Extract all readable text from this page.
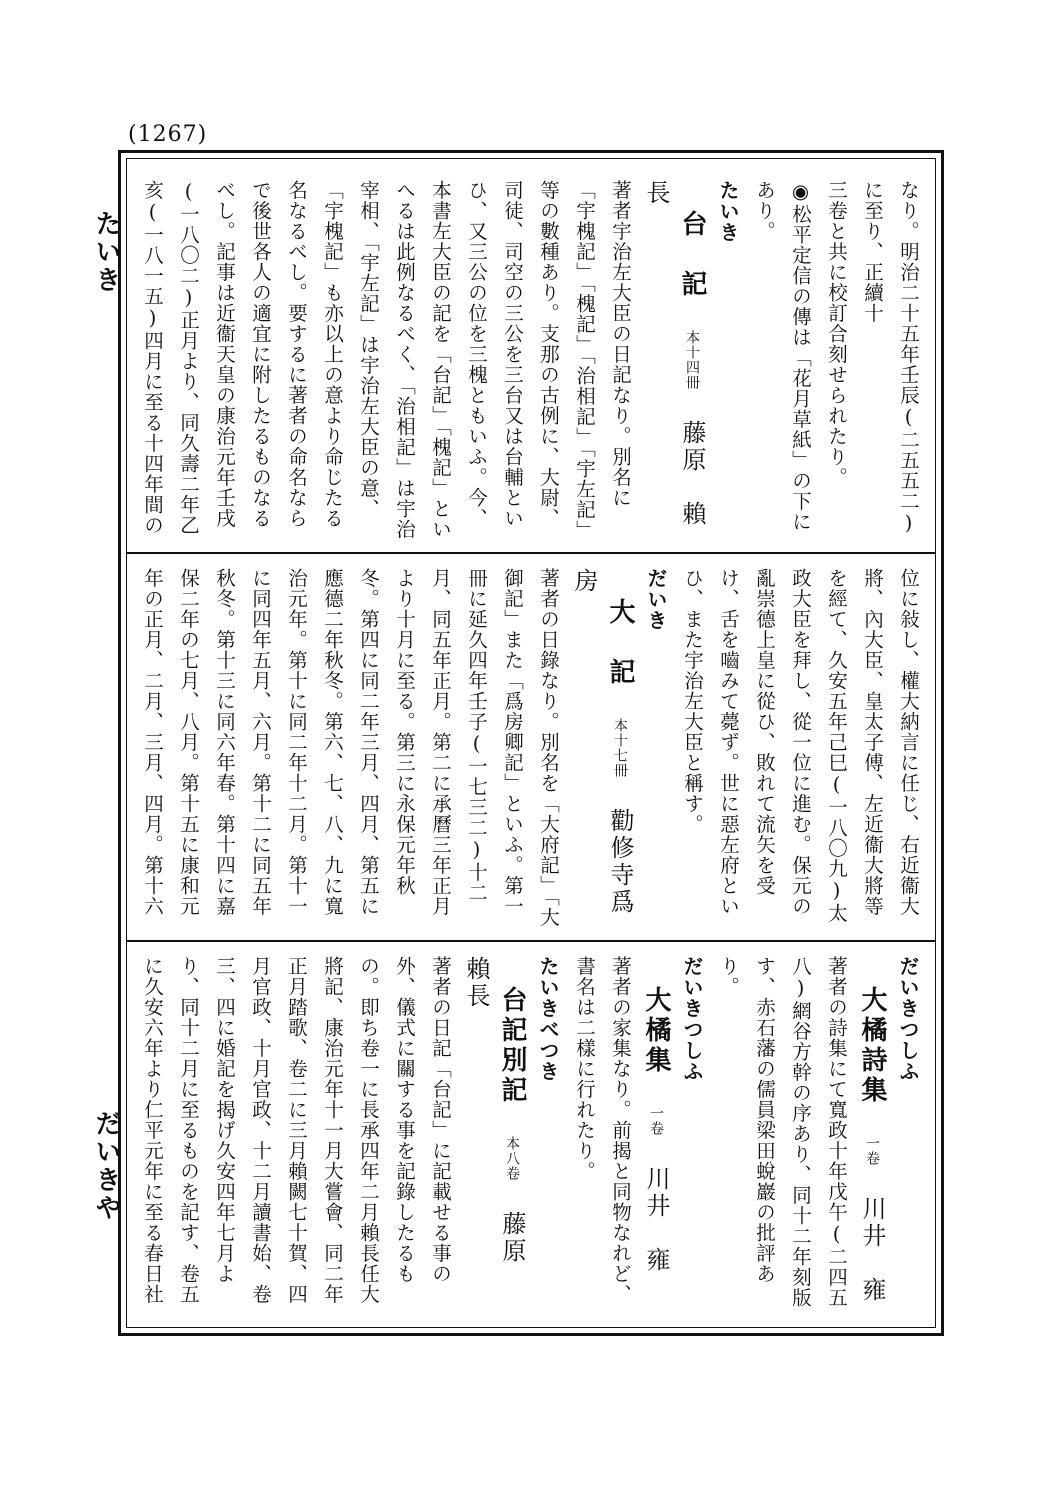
(1267)
たいき
だいきや

なり。明治二十五年壬辰(二五五二)に至り、正續十

三卷と共に校訂合刻せられたり。

◉松平定信の傳は「花月草紙」の下にあり。

たいき

台　記本十四冊藤原　賴長

著者宇治左大臣の日記なり。別名に「宇槐記」「槐記」「治相記」「宇左記」等の數種あり。支那の古例に、大尉、司徒、司空の三公を三台又は台輔といひ、又三公の位を三槐ともいふ。今、本書左大臣の記を「台記」「槐記」といへるは此例なるべく、「治相記」は宇治宰相、「宇左記」は宇治左大臣の意、「宇槐記」も亦以上の意より命じたる名なるべし。要するに著者の命名ならで後世各人の適宜に附したるものなるべし。記事は近衞天皇の康治元年壬戌(一八〇二)正月より、同久壽二年乙亥(一八一五)四月に至る十四年間の

位に敍し、權大納言に任じ、右近衞大將、內大臣、皇太子傅、左近衞大將等を經て、久安五年己巳(一八〇九)太政大臣を拜し、從一位に進む。保元の亂崇德上皇に從ひ、敗れて流矢を受け、舌を嚙みて薨ず。世に惡左府といひ、また宇治左大臣と稱す。

だいき

大　記本十七冊勸修寺爲房

著者の日錄なり。別名を「大府記」「大御記」また「爲房卿記」といふ。第一冊に延久四年壬子(一七三二)十二月、同五年正月。第二に承曆三年正月より十月に至る。第三に永保元年秋冬。第四に同二年三月、四月、第五に應德二年秋冬。第六、七、八、九に寬治元年。第十に同二年十二月。第十一に同四年五月、六月。第十二に同五年秋冬。第十三に同六年春。第十四に嘉保二年の七月、八月。第十五に康和元年の正月、二月、三月、四月。第十六

だいきつしふ

大橘詩集一卷川井　雍

著者の詩集にて寬政十年戊午(二四五八)網谷方幹の序あり、同十二年刻版す、赤石藩の儒員梁田蛻巖の批評あり。

だいきつしふ

大橘集一卷川井　雍

著者の家集なり。前揭と同物なれど、書名は二樣に行れたり。

たいきべつき

台記別記本八卷藤原　賴長

著者の日記「台記」に記載せる事の外、儀式に關する事を記錄したるもの。即ち卷一に長承四年二月賴長任大將記、康治元年十一月大嘗會、同二年正月踏歌、卷二に三月賴闕七十賀、四月官政、十月官政、十二月讀書始、卷三、四に婚記を揭げ久安四年七月より、同十二月に至るものを記す、卷五に久安六年より仁平元年に至る春日社
